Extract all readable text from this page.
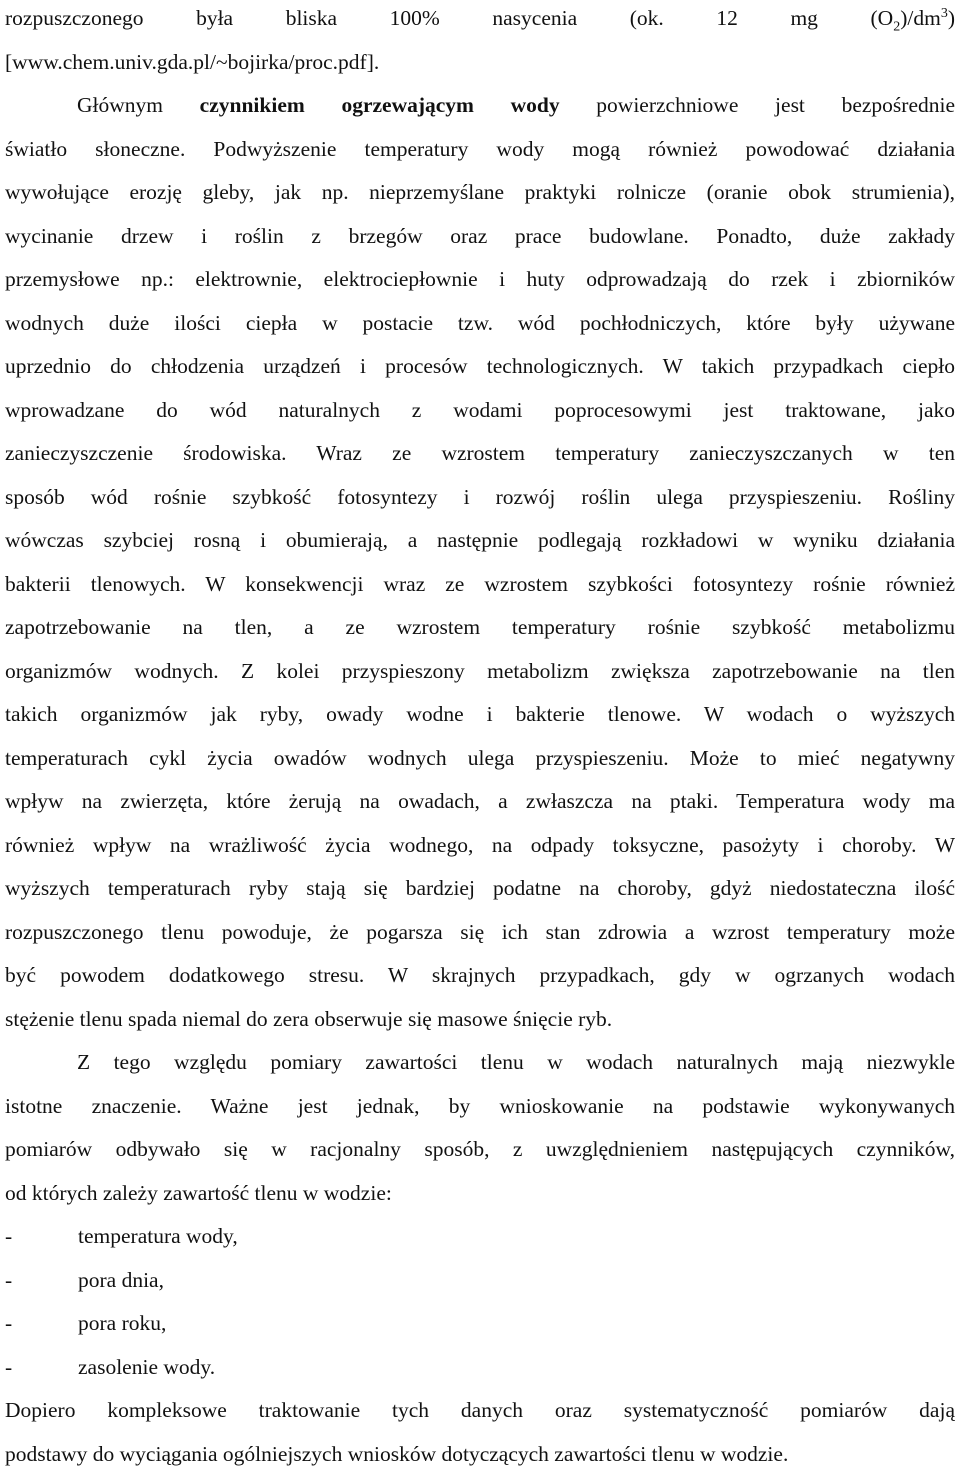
rozpuszczonego była bliska 100% nasycenia (ok. 12 mg $(O_2)/dm^3$)
[www.chem.univ.gda.pl/~bojirka/proc.pdf].
Głównym czynnikiem ogrzewającym wody powierzchniowe jest bezpośrednie
światło słoneczne. Podwyższenie temperatury wody mogą również powodować działania
wywołujące erozję gleby, jak np. nieprzemyślane praktyki rolnicze (oranie obok strumienia),
wycinanie drzew i roślin z brzegów oraz prace budowlane. Ponadto, duże zakłady
przemysłowe np.: elektrownie, elektrociepłownie i huty odprowadzają do rzek i zbiorników
wodnych duże ilości ciepła w postacie tzw. wód pochłodniczych, które były używane
uprzednio do chłodzenia urządzeń i procesów technologicznych. W takich przypadkach ciepło
wprowadzane do wód naturalnych z wodami poprocesowymi jest traktowane, jako
zanieczyszczenie środowiska. Wraz ze wzrostem temperatury zanieczyszczanych w ten
sposób wód rośnie szybkość fotosyntezy i rozwój roślin ulega przyspieszeniu. Rośliny
wówczas szybciej rosną i obumierają, a następnie podlegają rozkładowi w wyniku działania
bakterii tlenowych. W konsekwencji wraz ze wzrostem szybkości fotosyntezy rośnie również
zapotrzebowanie na tlen, a ze wzrostem temperatury rośnie szybkość metabolizmu
organizmów wodnych. Z kolei przyspieszony metabolizm zwiększa zapotrzebowanie na tlen
takich organizmów jak ryby, owady wodne i bakterie tlenowe. W wodach o wyższych
temperaturach cykl życia owadów wodnych ulega przyspieszeniu. Może to mieć negatywny
wpływ na zwierzęta, które żerują na owadach, a zwłaszcza na ptaki. Temperatura wody ma
również wpływ na wrażliwość życia wodnego, na odpady toksyczne, pasożyty i choroby. W
wyższych temperaturach ryby stają się bardziej podatne na choroby, gdyż niedostateczna ilość
rozpuszczonego tlenu powoduje, że pogarsza się ich stan zdrowia a wzrost temperatury może
być powodem dodatkowego stresu. W skrajnych przypadkach, gdy w ogrzanych wodach
stężenie tlenu spada niemal do zera obserwuje się masowe śnięcie ryb.
Z tego względu pomiary zawartości tlenu w wodach naturalnych mają niezwykle
istotne znaczenie. Ważne jest jednak, by wnioskowanie na podstawie wykonywanych
pomiarów odbywało się w racjonalny sposób, z uwzględnieniem następujących czynników,
od których zależy zawartość tlenu w wodzie:
-	temperatura wody,
-	pora dnia,
-	pora roku,
-	zasolenie wody.
Dopiero kompleksowe traktowanie tych danych oraz systematyczność pomiarów dają
podstawy do wyciągania ogólniejszych wniosków dotyczących zawartości tlenu w wodzie.
